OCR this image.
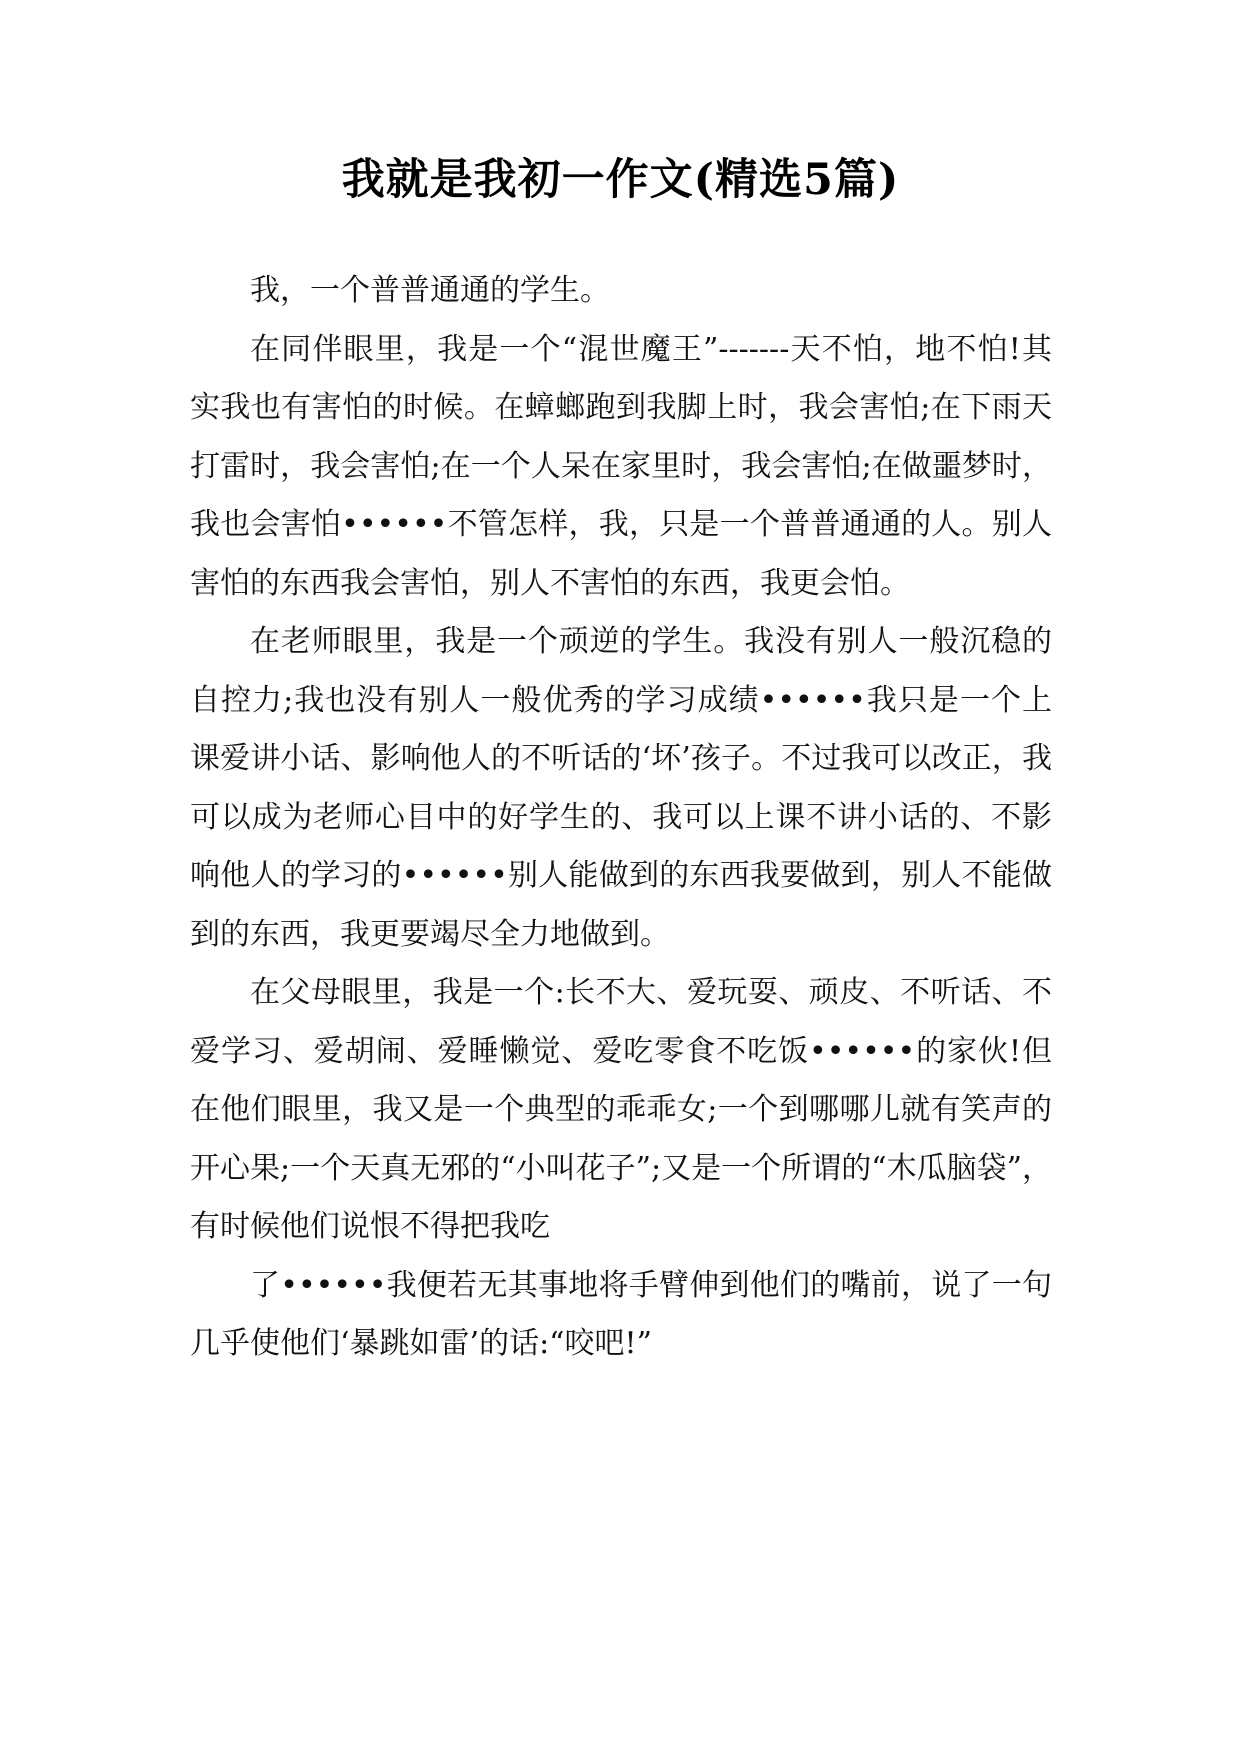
我就是我初一作文(精选5篇)

我，一个普普通通的学生。

在同伴眼里，我是一个“混世魔王”-------天不怕，地不怕!其实我也有害怕的时候。在蟑螂跑到我脚上时，我会害怕;在下雨天打雷时，我会害怕;在一个人呆在家里时，我会害怕;在做噩梦时，我也会害怕••••••不管怎样，我，只是一个普普通通的人。别人害怕的东西我会害怕，别人不害怕的东西，我更会怕。

在老师眼里，我是一个顽逆的学生。我没有别人一般沉稳的自控力;我也没有别人一般优秀的学习成绩••••••我只是一个上课爱讲小话、影响他人的不听话的‘坏’孩子。不过我可以改正，我可以成为老师心目中的好学生的、我可以上课不讲小话的、不影响他人的学习的••••••别人能做到的东西我要做到，别人不能做到的东西，我更要竭尽全力地做到。

在父母眼里，我是一个:长不大、爱玩耍、顽皮、不听话、不爱学习、爱胡闹、爱睡懒觉、爱吃零食不吃饭••••••的家伙!但在他们眼里，我又是一个典型的乖乖女;一个到哪哪儿就有笑声的开心果;一个天真无邪的“小叫花子”;又是一个所谓的“木瓜脑袋”，有时候他们说恨不得把我吃

了••••••我便若无其事地将手臂伸到他们的嘴前，说了一句几乎使他们‘暴跳如雷’的话:“咬吧!”
